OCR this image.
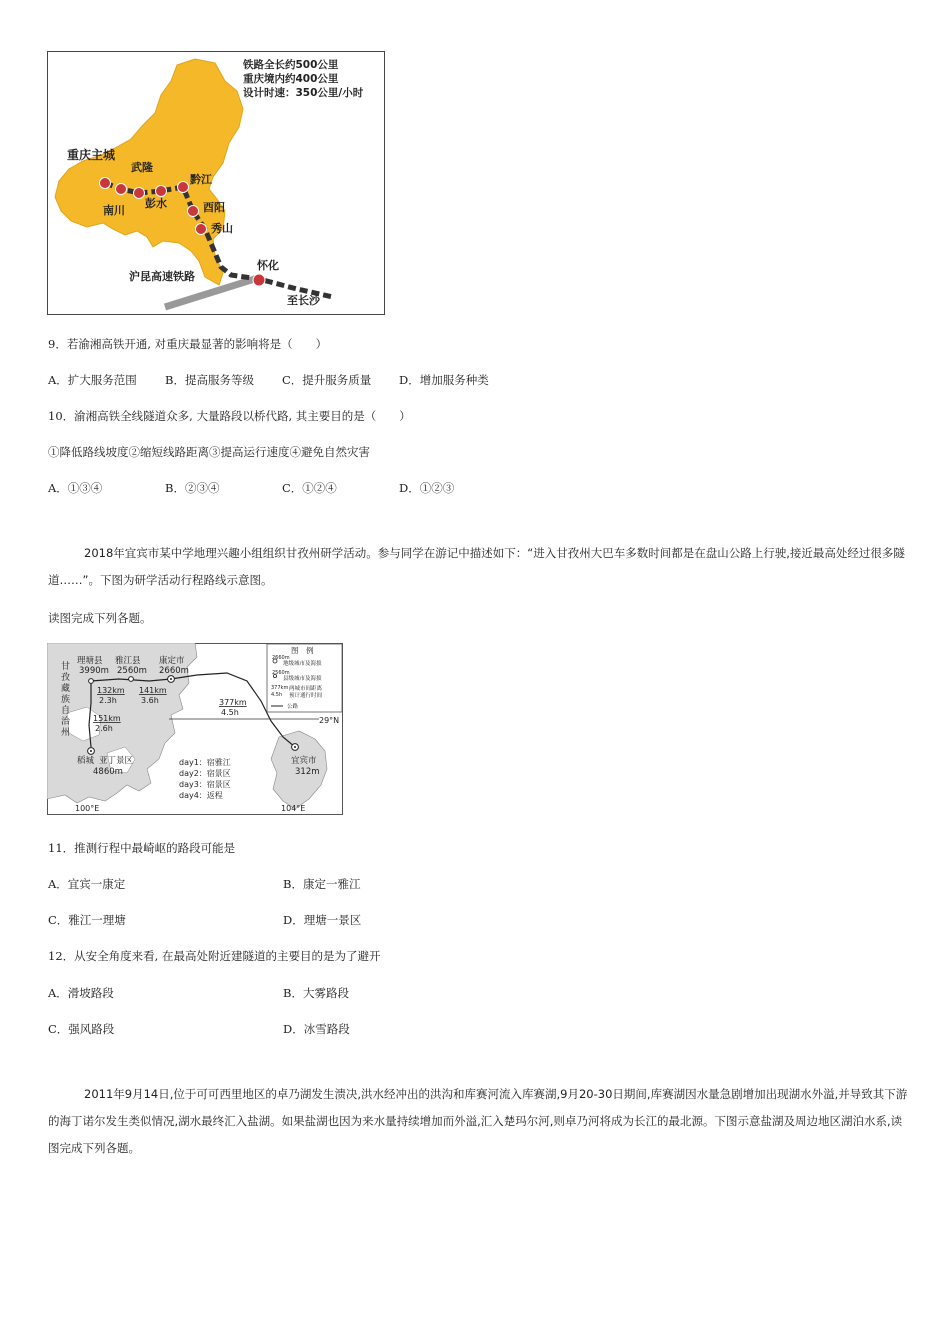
铁路全长约500公里
重庆境内约400公里
设计时速：350公里/小时
重庆主城
武隆
南川
彭水
黔江
酉阳
秀山
怀化
沪昆高速铁路
至长沙
9．若渝湘高铁开通, 对重庆最显著的影响将是（　　）
A．扩大服务范围 B．提高服务等级 C．提升服务质量 D．增加服务种类
10．渝湘高铁全线隧道众多, 大量路段以桥代路, 其主要目的是（　　）
①降低路线坡度②缩短线路距离③提高运行速度④避免自然灾害
A．①③④	B．②③④	C．①②④	D．①②③
2018年宜宾市某中学地理兴趣小组组织甘孜州研学活动。参与同学在游记中描述如下：“进入甘孜州大巴车多数时间都是在盘山公路上行驶,接近最高处经过很多隧道……”。下图为研学活动行程路线示意图。
读图完成下列各题。
29°N
甘
孜
藏
族
自
治
州
理塘县
3990m
雅江县
2560m
康定市
2660m
132km
2.3h
141km
3.6h
151km
2.6h
377km
4.5h
稻城 亚丁景区
4860m
宜宾市
312m
day1：宿雅江
day2：宿景区
day3：宿景区
day4：返程
100°E	104°E
图　例
2660m
地级城市及海拔
2560m
县级城市及海拔
377km
4.5h
两城市间距离
预计通行时间
公路
11．推测行程中最崎岖的路段可能是
A．宜宾一康定	B．康定一雅江
C．雅江一理塘	D．理塘一景区
12．从安全角度来看, 在最高处附近建隧道的主要目的是为了避开
A．滑坡路段	B．大雾路段
C．强风路段	D．冰雪路段
2011年9月14日,位于可可西里地区的卓乃湖发生溃决,洪水经冲出的洪沟和库赛河流入库赛湖,9月20-30日期间,库赛湖因水量急剧增加出现湖水外溢,并导致其下游的海丁诺尔发生类似情况,湖水最终汇入盐湖。如果盐湖也因为来水量持续增加而外溢,汇入楚玛尔河,则卓乃河将成为长江的最北源。下图示意盐湖及周边地区湖泊水系,读图完成下列各题。
